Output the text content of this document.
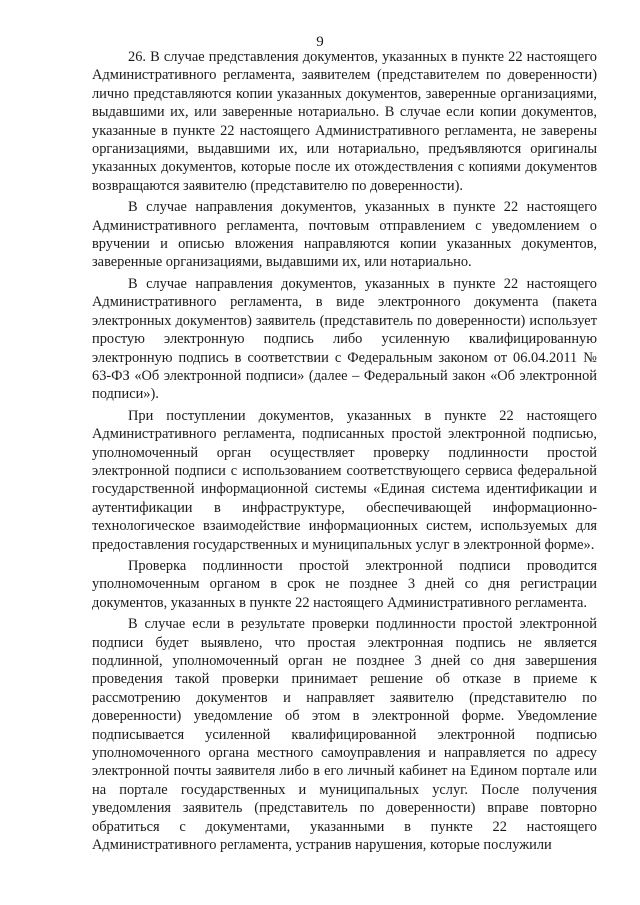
9

26. В случае представления документов, указанных в пункте 22 настоящего Административного регламента, заявителем (представителем по доверенности) лично представляются копии указанных документов, заверенные организациями, выдавшими их, или заверенные нотариально. В случае если копии документов, указанные в пункте 22 настоящего Административного регламента, не заверены организациями, выдавшими их, или нотариально, предъявляются оригиналы указанных документов, которые после их отождествления с копиями документов возвращаются заявителю (представителю по доверенности).

В случае направления документов, указанных в пункте 22 настоящего Административного регламента, почтовым отправлением с уведомлением о вручении и описью вложения направляются копии указанных документов, заверенные организациями, выдавшими их, или нотариально.

В случае направления документов, указанных в пункте 22 настоящего Административного регламента, в виде электронного документа (пакета электронных документов) заявитель (представитель по доверенности) использует простую электронную подпись либо усиленную квалифицированную электронную подпись в соответствии с Федеральным законом от 06.04.2011 № 63-ФЗ «Об электронной подписи» (далее – Федеральный закон «Об электронной подписи»).

При поступлении документов, указанных в пункте 22 настоящего Административного регламента, подписанных простой электронной подписью, уполномоченный орган осуществляет проверку подлинности простой электронной подписи с использованием соответствующего сервиса федеральной государственной информационной системы «Единая система идентификации и аутентификации в инфраструктуре, обеспечивающей информационно-технологическое взаимодействие информационных систем, используемых для предоставления государственных и муниципальных услуг в электронной форме».

Проверка подлинности простой электронной подписи проводится уполномоченным органом в срок не позднее 3 дней со дня регистрации документов, указанных в пункте 22 настоящего Административного регламента.

В случае если в результате проверки подлинности простой электронной подписи будет выявлено, что простая электронная подпись не является подлинной, уполномоченный орган не позднее 3 дней со дня завершения проведения такой проверки принимает решение об отказе в приеме к рассмотрению документов и направляет заявителю (представителю по доверенности) уведомление об этом в электронной форме. Уведомление подписывается усиленной квалифицированной электронной подписью уполномоченного органа местного самоуправления и направляется по адресу электронной почты заявителя либо в его личный кабинет на Едином портале или на портале государственных и муниципальных услуг. После получения уведомления заявитель (представитель по доверенности) вправе повторно обратиться с документами, указанными в пункте 22 настоящего Административного регламента, устранив нарушения, которые послужили
